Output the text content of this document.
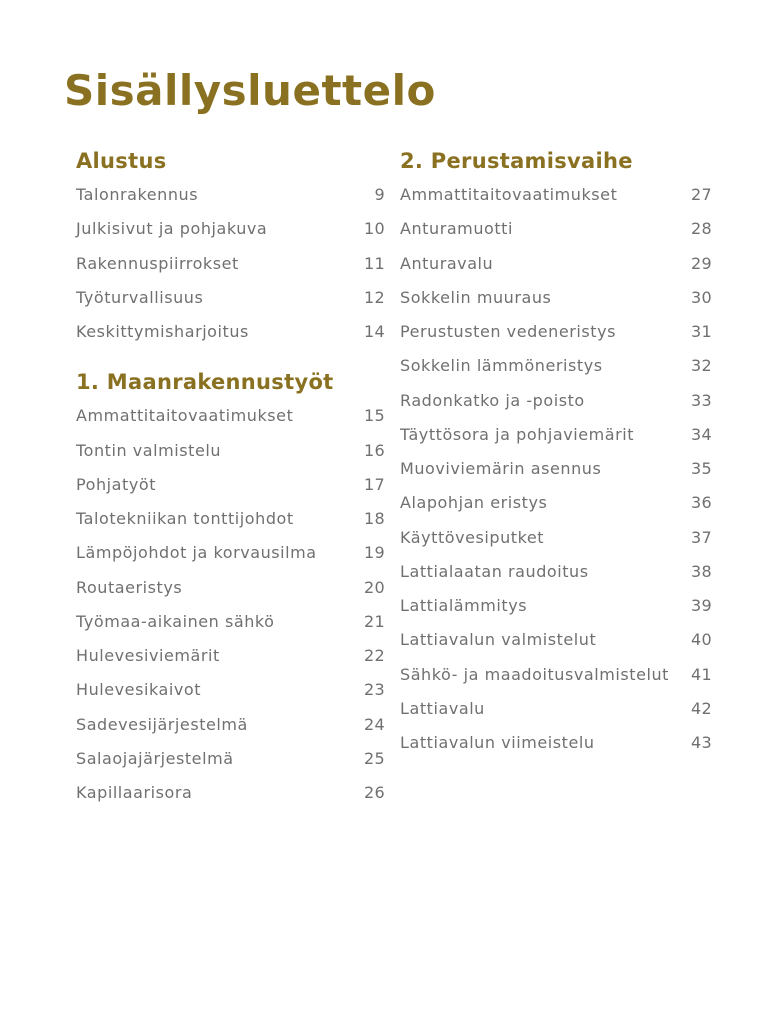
Sisällysluettelo
Alustus
Talonrakennus	9
Julkisivut ja pohjakuva	10
Rakennuspiirrokset	11
Työturvallisuus	12
Keskittymisharjoitus	14
1. Maanrakennustyöt
Ammattitaitovaatimukset	15
Tontin valmistelu	16
Pohjatyöt	17
Talotekniikan tonttijohdot	18
Lämpöjohdot ja korvausilma	19
Routaeristys	20
Työmaa-aikainen sähkö	21
Hulevesiviemärit	22
Hulevesikaivot	23
Sadevesijärjestelmä	24
Salaojajärjestelmä	25
Kapillaarisora	26
2. Perustamisvaihe
Ammattitaitovaatimukset	27
Anturamuotti	28
Anturavalu	29
Sokkelin muuraus	30
Perustusten vedeneristys	31
Sokkelin lämmöneristys	32
Radonkatko ja -poisto	33
Täyttösora ja pohjaviemärit	34
Muoviviemärin asennus	35
Alapohjan eristys	36
Käyttövesiputket	37
Lattialaatan raudoitus	38
Lattialämmitys	39
Lattiavalun valmistelut	40
Sähkö- ja maadoitusvalmistelut	41
Lattiavalu	42
Lattiavalun viimeistelu	43
